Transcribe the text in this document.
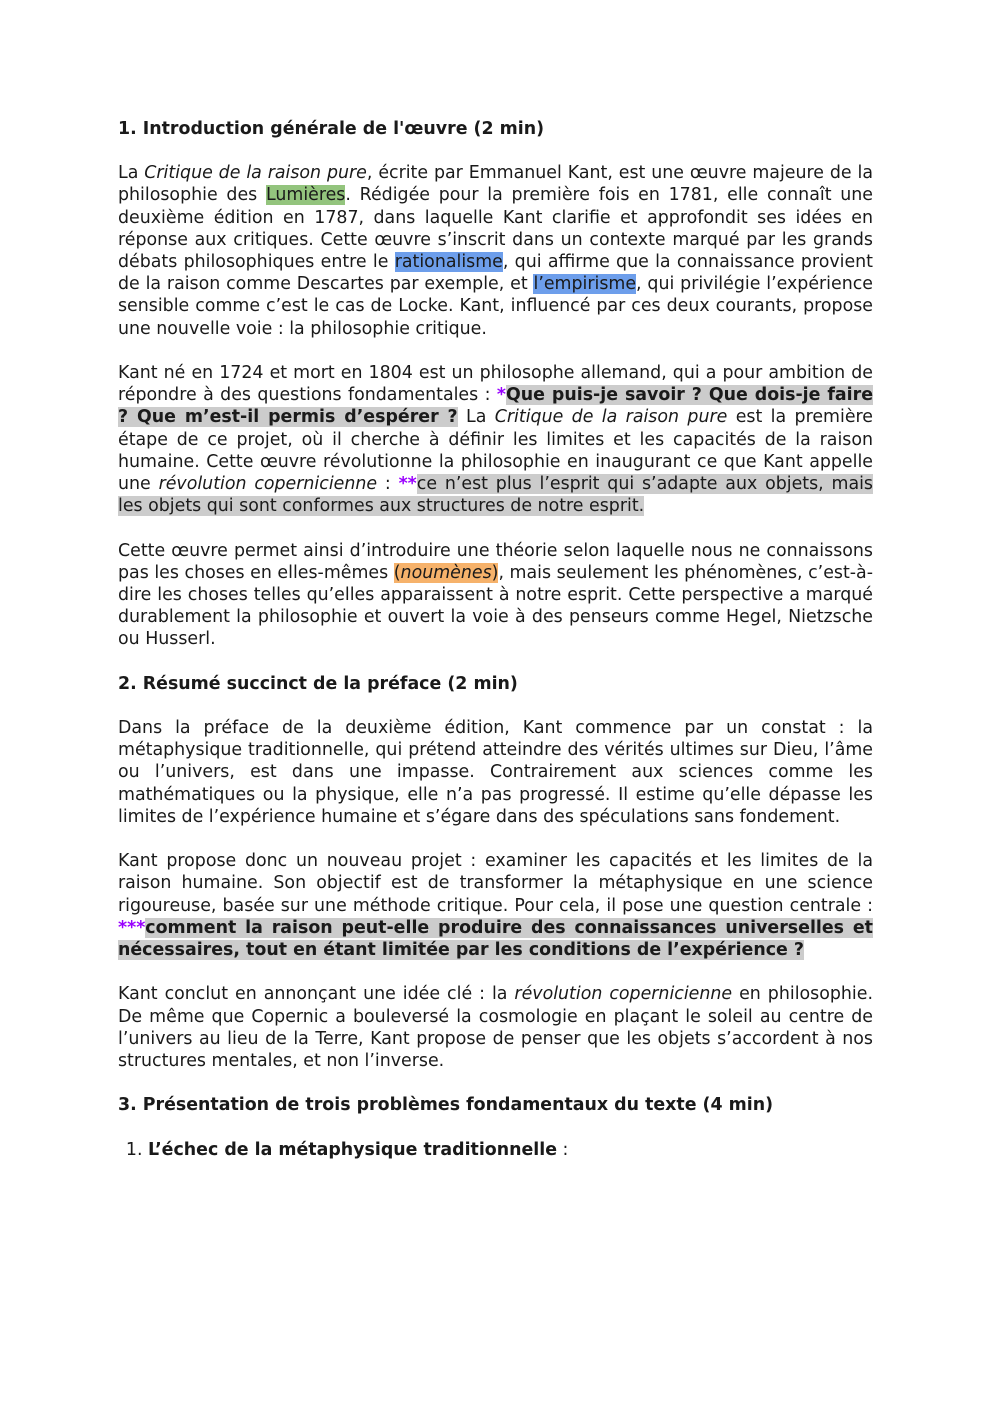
1. Introduction générale de l'œuvre (2 min)

La Critique de la raison pure, écrite par Emmanuel Kant, est une œuvre majeure de la philosophie des Lumières. Rédigée pour la première fois en 1781, elle connaît une deuxième édition en 1787, dans laquelle Kant clarifie et approfondit ses idées en réponse aux critiques. Cette œuvre s’inscrit dans un contexte marqué par les grands débats philosophiques entre le rationalisme, qui affirme que la connaissance provient de la raison comme Descartes par exemple, et l’empirisme, qui privilégie l’expérience sensible comme c’est le cas de Locke. Kant, influencé par ces deux courants, propose une nouvelle voie : la philosophie critique.

Kant né en 1724 et mort en 1804 est un philosophe allemand, qui a pour ambition de répondre à des questions fondamentales : *Que puis-je savoir ? Que dois-je faire ? Que m’est-il permis d’espérer ? La Critique de la raison pure est la première étape de ce projet, où il cherche à définir les limites et les capacités de la raison humaine. Cette œuvre révolutionne la philosophie en inaugurant ce que Kant appelle une révolution copernicienne : **ce n’est plus l’esprit qui s’adapte aux objets, mais les objets qui sont conformes aux structures de notre esprit.

Cette œuvre permet ainsi d’introduire une théorie selon laquelle nous ne connaissons pas les choses en elles-mêmes (noumènes), mais seulement les phénomènes, c’est-à-dire les choses telles qu’elles apparaissent à notre esprit. Cette perspective a marqué durablement la philosophie et ouvert la voie à des penseurs comme Hegel, Nietzsche ou Husserl.

2. Résumé succinct de la préface (2 min)

Dans la préface de la deuxième édition, Kant commence par un constat : la métaphysique traditionnelle, qui prétend atteindre des vérités ultimes sur Dieu, l’âme ou l’univers, est dans une impasse. Contrairement aux sciences comme les mathématiques ou la physique, elle n’a pas progressé. Il estime qu’elle dépasse les limites de l’expérience humaine et s’égare dans des spéculations sans fondement.

Kant propose donc un nouveau projet : examiner les capacités et les limites de la raison humaine. Son objectif est de transformer la métaphysique en une science rigoureuse, basée sur une méthode critique. Pour cela, il pose une question centrale : ***comment la raison peut-elle produire des connaissances universelles et nécessaires, tout en étant limitée par les conditions de l’expérience ?

Kant conclut en annonçant une idée clé : la révolution copernicienne en philosophie. De même que Copernic a bouleversé la cosmologie en plaçant le soleil au centre de l’univers au lieu de la Terre, Kant propose de penser que les objets s’accordent à nos structures mentales, et non l’inverse.

3. Présentation de trois problèmes fondamentaux du texte (4 min)
1. L’échec de la métaphysique traditionnelle :
